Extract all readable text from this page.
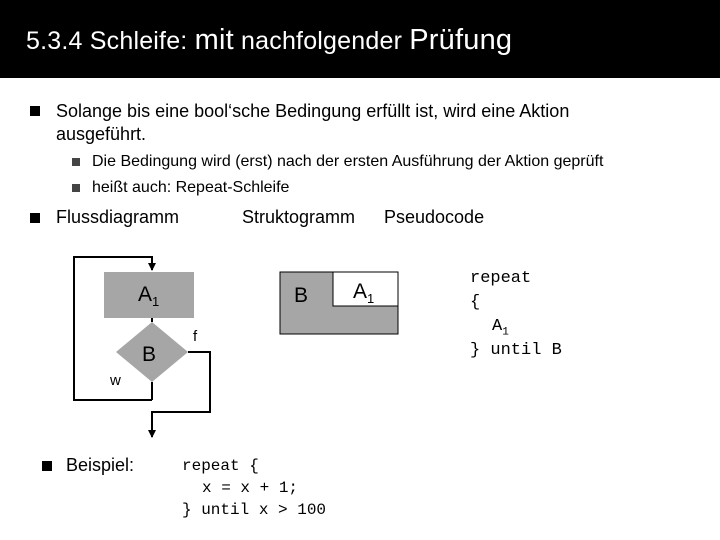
5.3.4 Schleife: mit nachfolgender Prüfung
Solange bis eine bool‘sche Bedingung erfüllt ist, wird eine Aktion
ausgeführt.
Die Bedingung wird (erst) nach der ersten Ausführung der Aktion geprüft
heißt auch: Repeat-Schleife
Flussdiagramm	Struktogramm Pseudocode
$A_1$
B
f
w
B $A_1$
repeat
{
$A_1$
} until B
Beispiel:	repeat {
x = x + 1;
} until x > 100
